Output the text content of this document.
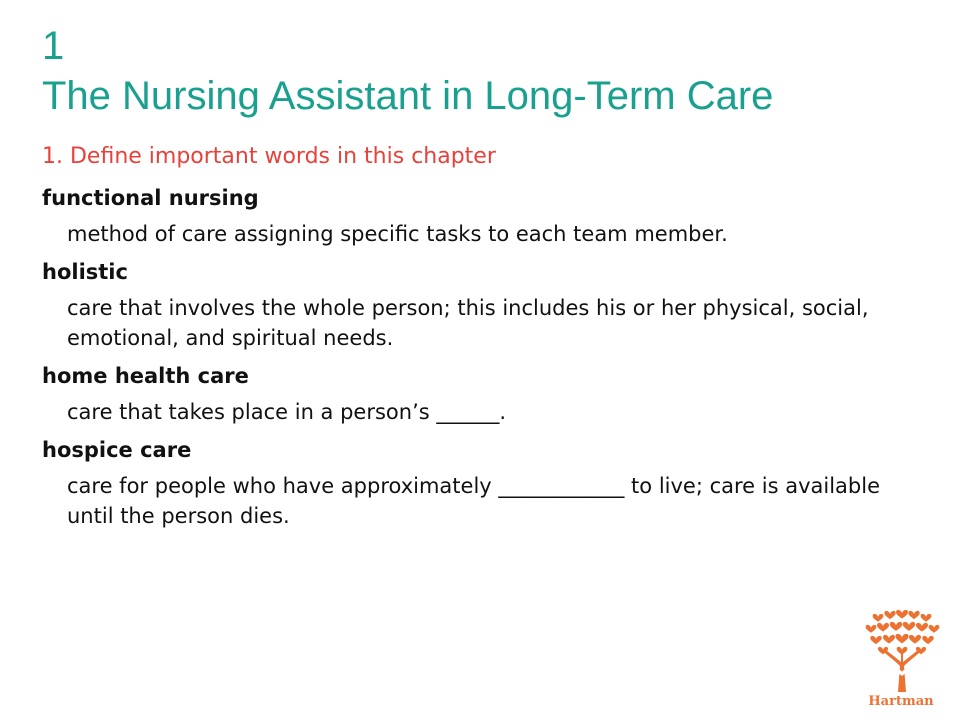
1
The Nursing Assistant in Long-Term Care
1. Define important words in this chapter
functional nursing
method of care assigning specific tasks to each team member.
holistic
care that involves the whole person; this includes his or her physical, social, emotional, and spiritual needs.
home health care
care that takes place in a person’s ______.
hospice care
care for people who have approximately ____________ to live; care is available until the person dies.
Hartman
